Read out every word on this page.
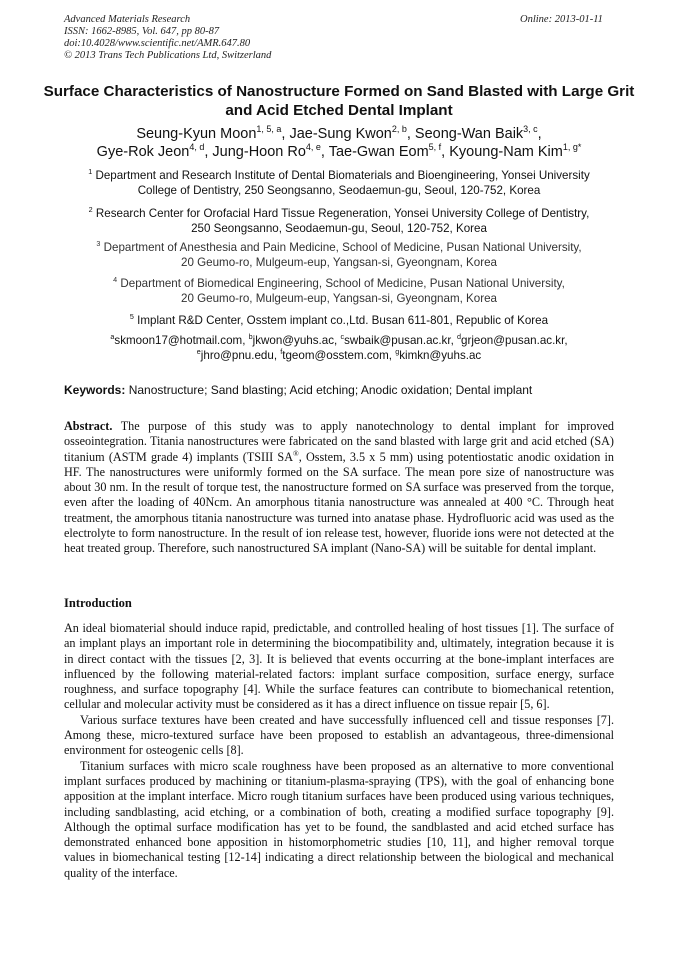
Advanced Materials Research
ISSN: 1662-8985, Vol. 647, pp 80-87
doi:10.4028/www.scientific.net/AMR.647.80
© 2013 Trans Tech Publications Ltd, Switzerland
Online: 2013-01-11
Surface Characteristics of Nanostructure Formed on Sand Blasted with Large Grit and Acid Etched Dental Implant
Seung-Kyun Moon$^{1, 5, a}$, Jae-Sung Kwon$^{2, b}$, Seong-Wan Baik$^{3, c}$,
Gye-Rok Jeon$^{4, d}$, Jung-Hoon Ro$^{4, e}$, Tae-Gwan Eom$^{5, f}$, Kyoung-Nam Kim$^{1, g*}$
$^1$ Department and Research Institute of Dental Biomaterials and Bioengineering, Yonsei University
College of Dentistry, 250 Seongsanno, Seodaemun-gu, Seoul, 120-752, Korea
$^2$ Research Center for Orofacial Hard Tissue Regeneration, Yonsei University College of Dentistry,
250 Seongsanno, Seodaemun-gu, Seoul, 120-752, Korea
$^3$ Department of Anesthesia and Pain Medicine, School of Medicine, Pusan National University,
20 Geumo-ro, Mulgeum-eup, Yangsan-si, Gyeongnam, Korea
$^4$ Department of Biomedical Engineering, School of Medicine, Pusan National University,
20 Geumo-ro, Mulgeum-eup, Yangsan-si, Gyeongnam, Korea
$^5$ Implant R&D Center, Osstem implant co.,Ltd. Busan 611-801, Republic of Korea
$^a$skmoon17@hotmail.com, $^b$jkwon@yuhs.ac, $^c$swbaik@pusan.ac.kr, $^d$grjeon@pusan.ac.kr,
$^e$jhro@pnu.edu, $^f$tgeom@osstem.com, $^g$kimkn@yuhs.ac
Keywords: Nanostructure; Sand blasting; Acid etching; Anodic oxidation; Dental implant
Abstract. The purpose of this study was to apply nanotechnology to dental implant for improved osseointegration. Titania nanostructures were fabricated on the sand blasted with large grit and acid etched (SA) titanium (ASTM grade 4) implants (TSIII SA®, Osstem, 3.5 x 5 mm) using potentiostatic anodic oxidation in HF. The nanostructures were uniformly formed on the SA surface. The mean pore size of nanostructure was about 30 nm. In the result of torque test, the nanostructure formed on SA surface was preserved from the torque, even after the loading of 40Ncm. An amorphous titania nanostructure was annealed at 400 °C. Through heat treatment, the amorphous titania nanostructure was turned into anatase phase. Hydrofluoric acid was used as the electrolyte to form nanostructure. In the result of ion release test, however, fluoride ions were not detected at the heat treated group. Therefore, such nanostructured SA implant (Nano-SA) will be suitable for dental implant.
Introduction

An ideal biomaterial should induce rapid, predictable, and controlled healing of host tissues [1]. The surface of an implant plays an important role in determining the biocompatibility and, ultimately, integration because it is in direct contact with the tissues [2, 3]. It is believed that events occurring at the bone-implant interfaces are influenced by the following material-related factors: implant surface composition, surface energy, surface roughness, and surface topography [4]. While the surface features can contribute to biomechanical retention, cellular and molecular activity must be considered as it has a direct influence on tissue repair [5, 6].

Various surface textures have been created and have successfully influenced cell and tissue responses [7]. Among these, micro-textured surface have been proposed to establish an advantageous, three-dimensional environment for osteogenic cells [8].

Titanium surfaces with micro scale roughness have been proposed as an alternative to more conventional implant surfaces produced by machining or titanium-plasma-spraying (TPS), with the goal of enhancing bone apposition at the implant interface. Micro rough titanium surfaces have been produced using various techniques, including sandblasting, acid etching, or a combination of both, creating a modified surface topography [9]. Although the optimal surface modification has yet to be found, the sandblasted and acid etched surface has demonstrated enhanced bone apposition in histomorphometric studies [10, 11], and higher removal torque values in biomechanical testing [12-14] indicating a direct relationship between the biological and mechanical quality of the interface.
